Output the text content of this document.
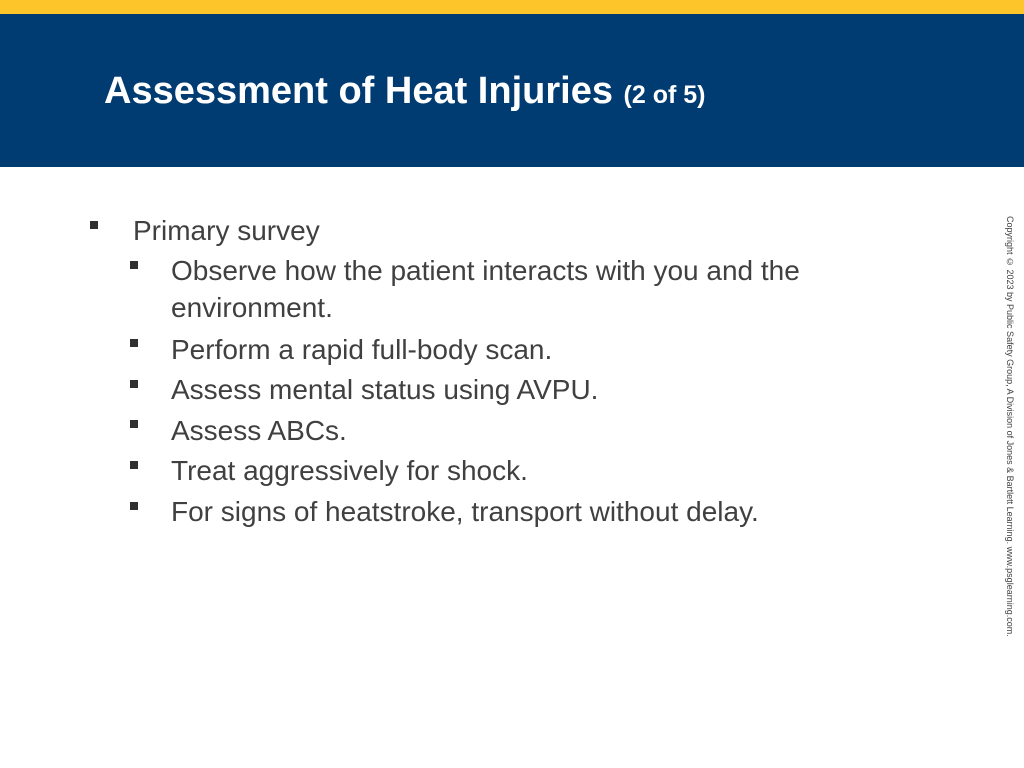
Assessment of Heat Injuries (2 of 5)
Primary survey
Observe how the patient interacts with you and the environment.
Perform a rapid full-body scan.
Assess mental status using AVPU.
Assess ABCs.
Treat aggressively for shock.
For signs of heatstroke, transport without delay.	Copyright © 2023 by Public Safety Group, A Division of Jones & Bartlett Learning. www.psglearning.com.
